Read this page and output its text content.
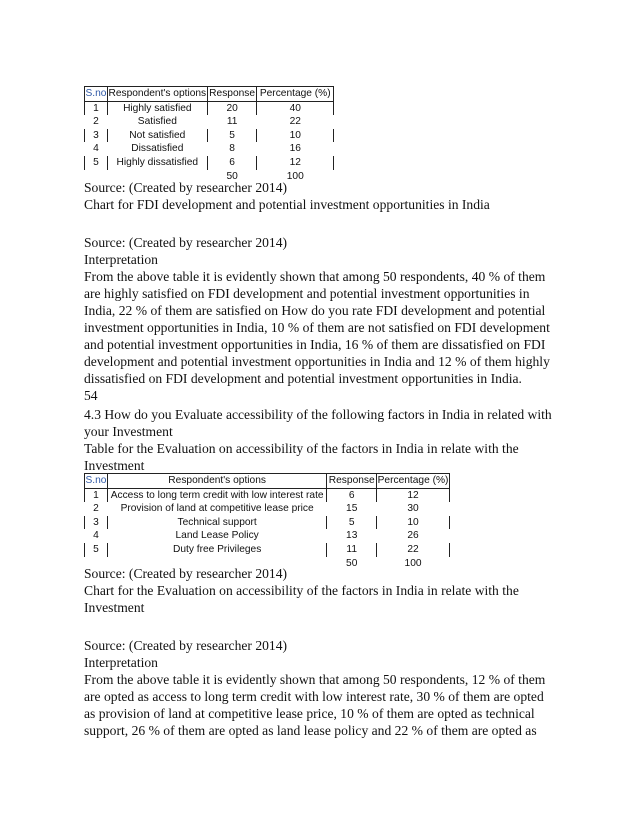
S.no	Respondent's options	Response	Percentage (%)
1	Highly satisfied	20	40
2	Satisfied	11	22
3	Not satisfied	5	10
4	Dissatisfied	8	16
5	Highly dissatisfied	6	12
		50	100
Source: (Created by researcher 2014)
Chart for FDI development and potential investment opportunities in India
Source: (Created by researcher 2014)
Interpretation
From the above table it is evidently shown that among 50 respondents, 40 % of them
are highly satisfied on FDI development and potential investment opportunities in
India, 22 % of them are satisfied on How do you rate FDI development and potential
investment opportunities in India, 10 % of them are not satisfied on FDI development
and potential investment opportunities in India, 16 % of them are dissatisfied on FDI
development and potential investment opportunities in India and 12 % of them highly
dissatisfied on FDI development and potential investment opportunities in India.
54
4.3 How do you Evaluate accessibility of the following factors in India in related with
your Investment
Table for the Evaluation on accessibility of the factors in India in relate with the
Investment
S.no	Respondent's options	Response	Percentage (%)
1	Access to long term credit with low interest rate	6	12
2	Provision of land at competitive lease price	15	30
3	Technical support	5	10
4	Land Lease Policy	13	26
5	Duty free Privileges	11	22
		50	100
Source: (Created by researcher 2014)
Chart for the Evaluation on accessibility of the factors in India in relate with the
Investment
Source: (Created by researcher 2014)
Interpretation
From the above table it is evidently shown that among 50 respondents, 12 % of them
are opted as access to long term credit with low interest rate, 30 % of them are opted
as provision of land at competitive lease price, 10 % of them are opted as technical
support, 26 % of them are opted as land lease policy and 22 % of them are opted as
